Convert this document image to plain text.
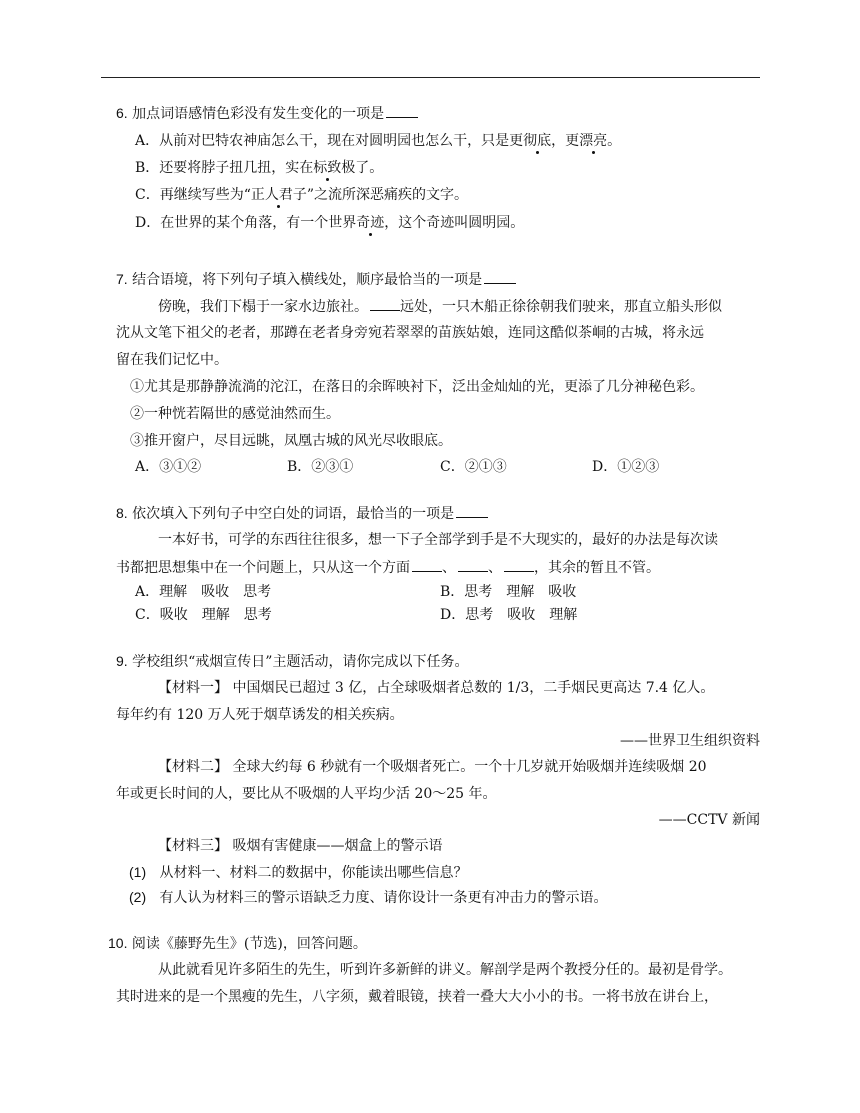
6. 加点词语感情色彩没有发生变化的一项是
A．从前对巴特农神庙怎么干，现在对圆明园也怎么干，只是更彻底，更漂亮。
B．还要将脖子扭几扭，实在标致极了。
C．再继续写些为“正人君子”之流所深恶痛疾的文字。
D．在世界的某个角落，有一个世界奇迹，这个奇迹叫圆明园。
7. 结合语境，将下列句子填入横线处，顺序最恰当的一项是
傍晚，我们下榻于一家水边旅社。 远处，一只木船正徐徐朝我们驶来，那直立船头形似
沈从文笔下祖父的老者，那蹲在老者身旁宛若翠翠的苗族姑娘，连同这酷似茶峒的古城，将永远
留在我们记忆中。
①尤其是那静静流淌的沱江，在落日的余晖映衬下，泛出金灿灿的光，更添了几分神秘色彩。
②一种恍若隔世的感觉油然而生。
③推开窗户，尽目远眺，凤凰古城的风光尽收眼底。
A．③①②	B．②③①	C．②①③	D．①②③
8. 依次填入下列句子中空白处的词语，最恰当的一项是
一本好书，可学的东西往往很多，想一下子全部学到手是不大现实的，最好的办法是每次读
书都把思想集中在一个问题上，只从这一个方面 、 、 ，其余的暂且不管。
A．理解　吸收　思考	B．思考　理解　吸收
C．吸收　理解　思考	D．思考　吸收　理解
9. 学校组织“戒烟宣传日”主题活动，请你完成以下任务。
【材料一】 中国烟民已超过 3 亿，占全球吸烟者总数的 1/3，二手烟民更高达 7.4 亿人。
每年约有 120 万人死于烟草诱发的相关疾病。
——世界卫生组织资料
【材料二】 全球大约每 6 秒就有一个吸烟者死亡。一个十几岁就开始吸烟并连续吸烟 20
年或更长时间的人，要比从不吸烟的人平均少活 20～25 年。
——CCTV 新闻
【材料三】 吸烟有害健康——烟盒上的警示语
(1) 从材料一、材料二的数据中，你能读出哪些信息？
(2) 有人认为材料三的警示语缺乏力度、请你设计一条更有冲击力的警示语。
10. 阅读《藤野先生》(节选)，回答问题。
从此就看见许多陌生的先生，听到许多新鲜的讲义。解剖学是两个教授分任的。最初是骨学。
其时进来的是一个黑瘦的先生，八字须，戴着眼镜，挟着一叠大大小小的书。一将书放在讲台上，
